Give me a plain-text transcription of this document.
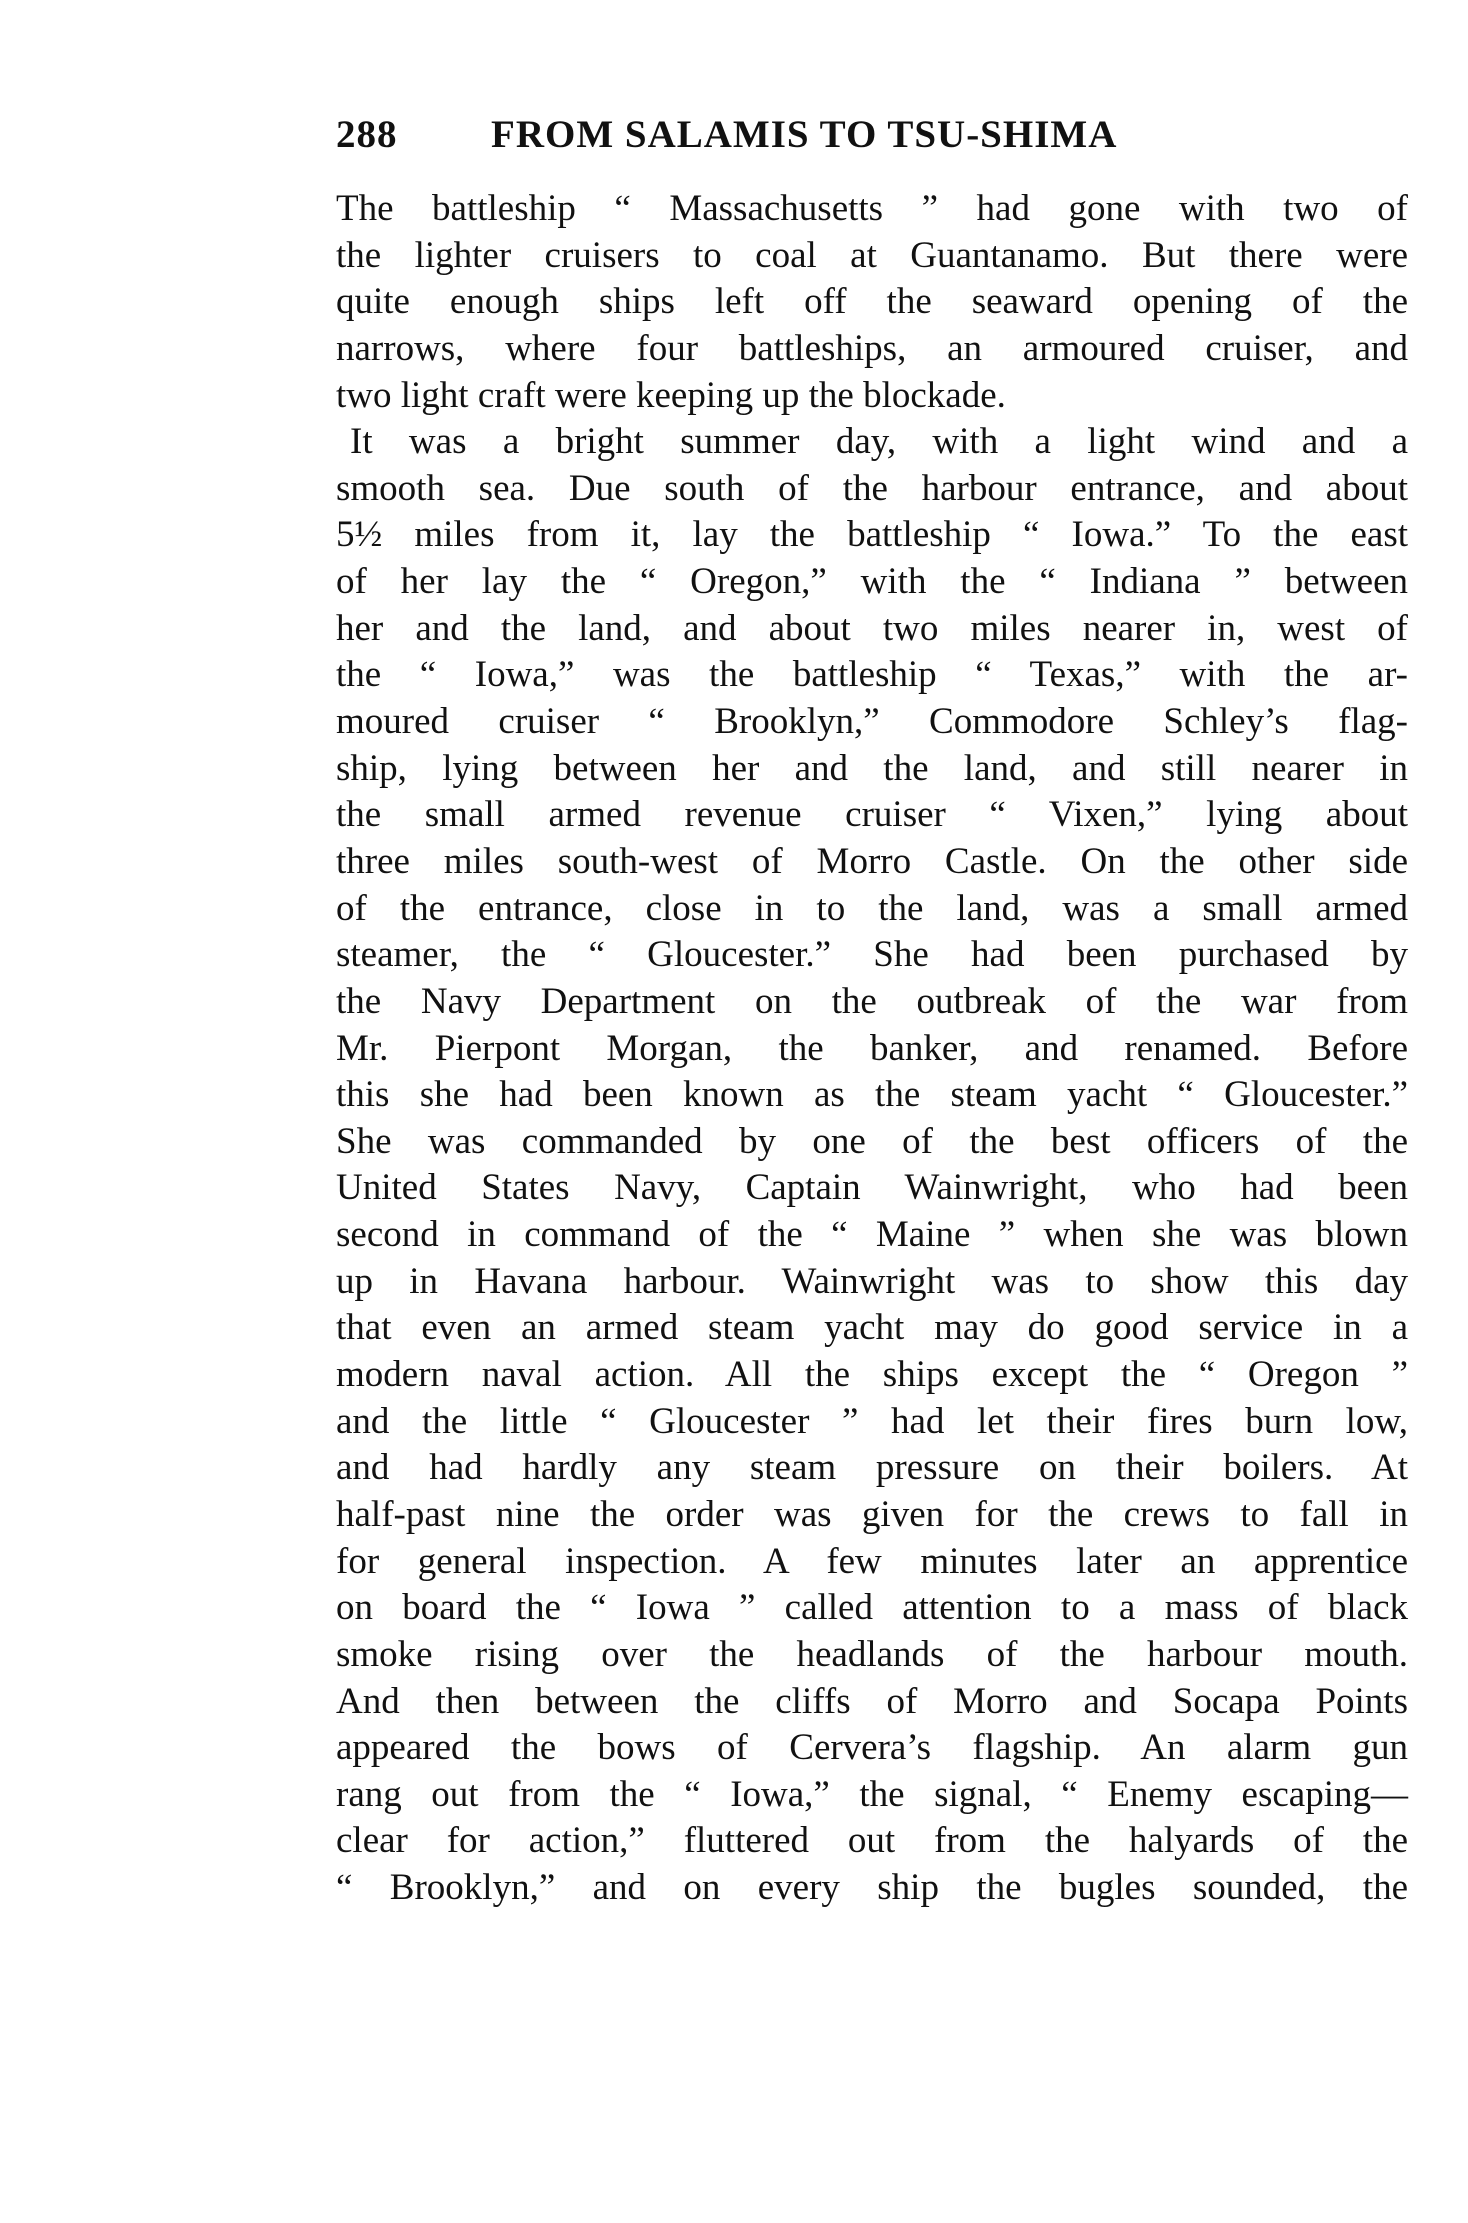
288 FROM SALAMIS TO TSU-SHIMA
The battleship “ Massachusetts ” had gone with two of
the lighter cruisers to coal at Guantanamo. But there were
quite enough ships left off the seaward opening of the
narrows, where four battleships, an armoured cruiser, and
two light craft were keeping up the blockade.
It was a bright summer day, with a light wind and a
smooth sea. Due south of the harbour entrance, and about
5½ miles from it, lay the battleship “ Iowa.” To the east
of her lay the “ Oregon,” with the “ Indiana ” between
her and the land, and about two miles nearer in, west of
the “ Iowa,” was the battleship “ Texas,” with the ar-
moured cruiser “ Brooklyn,” Commodore Schley’s flag-
ship, lying between her and the land, and still nearer in
the small armed revenue cruiser “ Vixen,” lying about
three miles south-west of Morro Castle. On the other side
of the entrance, close in to the land, was a small armed
steamer, the “ Gloucester.” She had been purchased by
the Navy Department on the outbreak of the war from
Mr. Pierpont Morgan, the banker, and renamed. Before
this she had been known as the steam yacht “ Gloucester.”
She was commanded by one of the best officers of the
United States Navy, Captain Wainwright, who had been
second in command of the “ Maine ” when she was blown
up in Havana harbour. Wainwright was to show this day
that even an armed steam yacht may do good service in a
modern naval action. All the ships except the “ Oregon ”
and the little “ Gloucester ” had let their fires burn low,
and had hardly any steam pressure on their boilers. At
half-past nine the order was given for the crews to fall in
for general inspection. A few minutes later an apprentice
on board the “ Iowa ” called attention to a mass of black
smoke rising over the headlands of the harbour mouth.
And then between the cliffs of Morro and Socapa Points
appeared the bows of Cervera’s flagship. An alarm gun
rang out from the “ Iowa,” the signal, “ Enemy escaping—
clear for action,” fluttered out from the halyards of the
“ Brooklyn,” and on every ship the bugles sounded, the
